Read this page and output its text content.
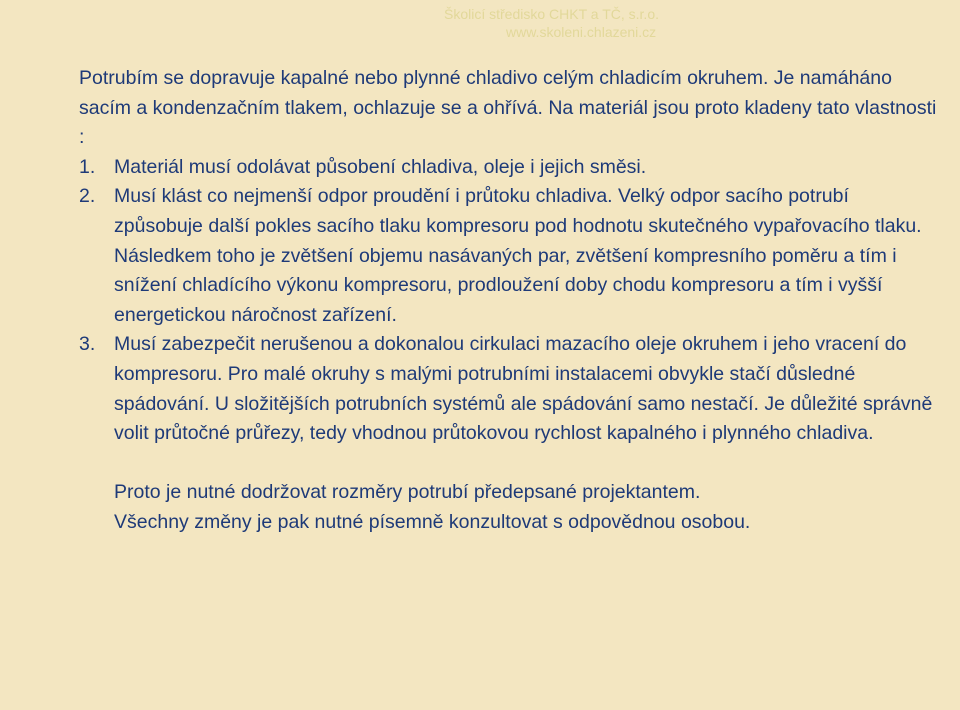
Školicí středisko CHKT a TČ, s.r.o.
www.skoleni.chlazeni.cz

Potrubím se dopravuje kapalné nebo plynné chladivo celým chladicím okruhem. Je namáháno sacím a kondenzačním tlakem, ochlazuje se a ohřívá. Na materiál jsou proto kladeny tato vlastnosti :

1. Materiál musí odolávat působení chladiva, oleje i jejich směsi.
2. Musí klást co nejmenší odpor proudění i průtoku chladiva. Velký odpor sacího potrubí způsobuje další pokles sacího tlaku kompresoru pod hodnotu skutečného vypařovacího tlaku. Následkem toho je zvětšení objemu nasávaných par, zvětšení kompresního poměru a tím i snížení chladícího výkonu kompresoru, prodloužení doby chodu kompresoru a tím i vyšší energetickou náročnost zařízení.
3. Musí zabezpečit nerušenou a dokonalou cirkulaci mazacího oleje okruhem i jeho vracení do kompresoru. Pro malé okruhy s malými potrubními instalacemi obvykle stačí důsledné spádování. U složitějších potrubních systémů ale spádování samo nestačí. Je důležité správně volit průtočné průřezy, tedy vhodnou průtokovou rychlost kapalného i plynného chladiva.

Proto je nutné dodržovat rozměry potrubí předepsané projektantem.

Všechny změny je pak nutné písemně konzultovat s odpovědnou osobou.
